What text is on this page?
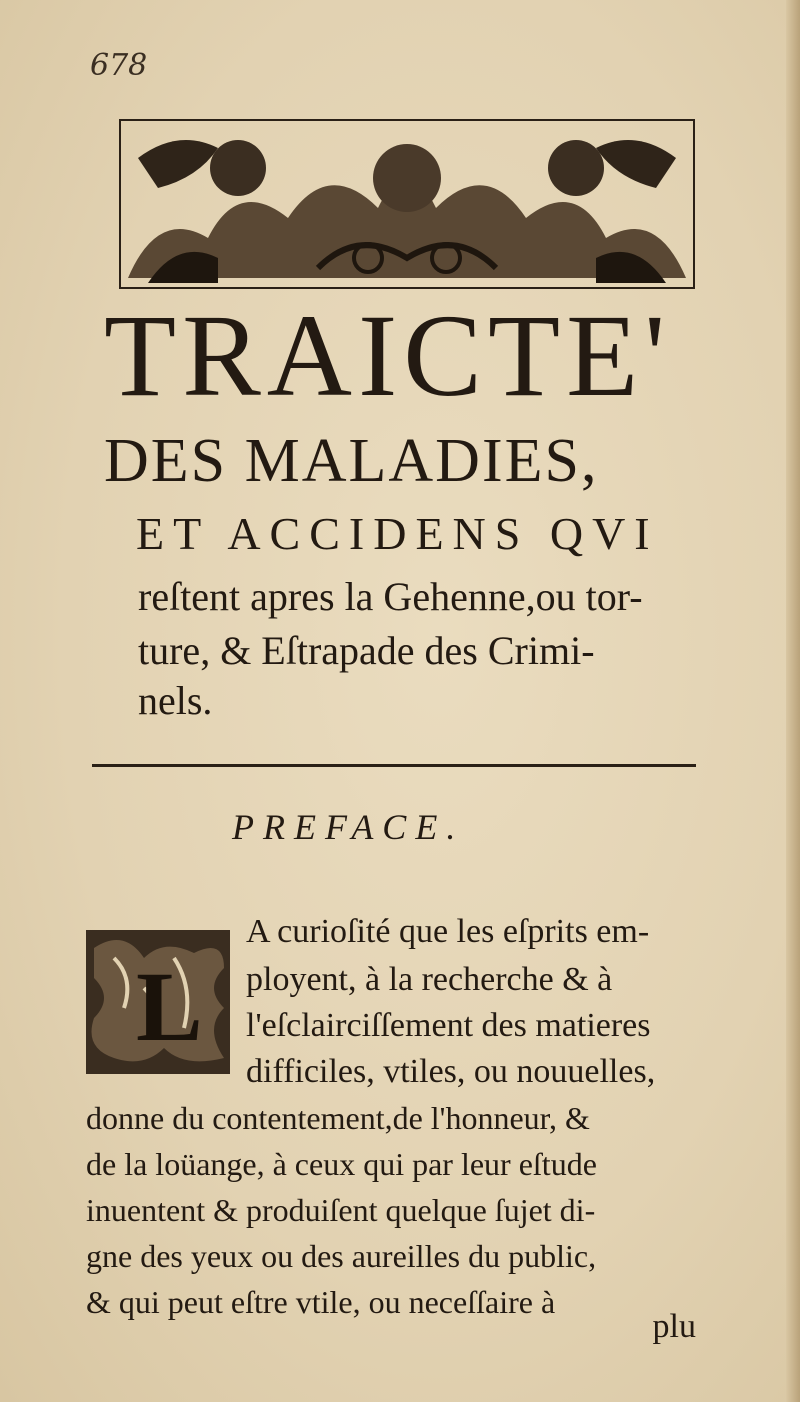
678
TRAICTE'
DES MALADIES,
ET ACCIDENS QVI
reſtent apres la Gehenne,ou tor-
ture, & Eſtrapade des Crimi-
nels.
PREFACE.
L
A curioſité que les eſprits em-
ployent, à la recherche & à
l'eſclairciſſement des matieres
difficiles, vtiles, ou nouuelles,
donne du contentement,de l'honneur, &
de la loüange, à ceux qui par leur eſtude
inuentent & produiſent quelque ſujet di-
gne des yeux ou des aureilles du public,
& qui peut eſtre vtile, ou neceſſaire à
plu
